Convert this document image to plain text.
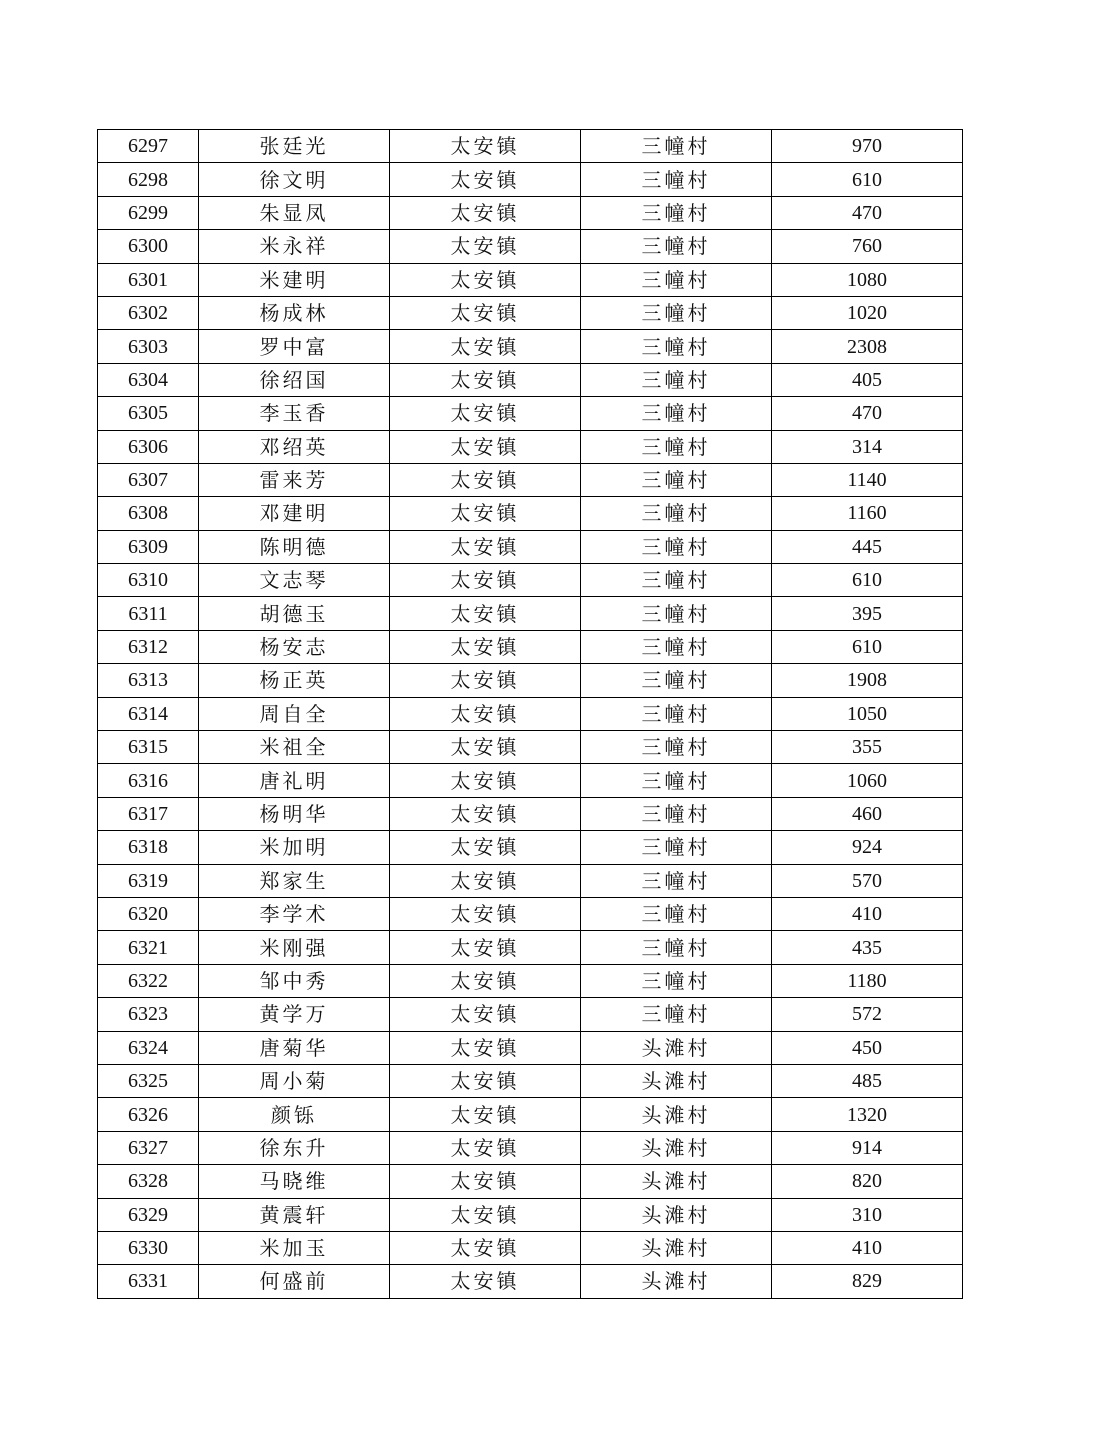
6297	张廷光	太安镇	三幢村	970
6298	徐文明	太安镇	三幢村	610
6299	朱显凤	太安镇	三幢村	470
6300	米永祥	太安镇	三幢村	760
6301	米建明	太安镇	三幢村	1080
6302	杨成林	太安镇	三幢村	1020
6303	罗中富	太安镇	三幢村	2308
6304	徐绍国	太安镇	三幢村	405
6305	李玉香	太安镇	三幢村	470
6306	邓绍英	太安镇	三幢村	314
6307	雷来芳	太安镇	三幢村	1140
6308	邓建明	太安镇	三幢村	1160
6309	陈明德	太安镇	三幢村	445
6310	文志琴	太安镇	三幢村	610
6311	胡德玉	太安镇	三幢村	395
6312	杨安志	太安镇	三幢村	610
6313	杨正英	太安镇	三幢村	1908
6314	周自全	太安镇	三幢村	1050
6315	米祖全	太安镇	三幢村	355
6316	唐礼明	太安镇	三幢村	1060
6317	杨明华	太安镇	三幢村	460
6318	米加明	太安镇	三幢村	924
6319	郑家生	太安镇	三幢村	570
6320	李学术	太安镇	三幢村	410
6321	米刚强	太安镇	三幢村	435
6322	邹中秀	太安镇	三幢村	1180
6323	黄学万	太安镇	三幢村	572
6324	唐菊华	太安镇	头滩村	450
6325	周小菊	太安镇	头滩村	485
6326	颜铄	太安镇	头滩村	1320
6327	徐东升	太安镇	头滩村	914
6328	马晓维	太安镇	头滩村	820
6329	黄震轩	太安镇	头滩村	310
6330	米加玉	太安镇	头滩村	410
6331	何盛前	太安镇	头滩村	829
